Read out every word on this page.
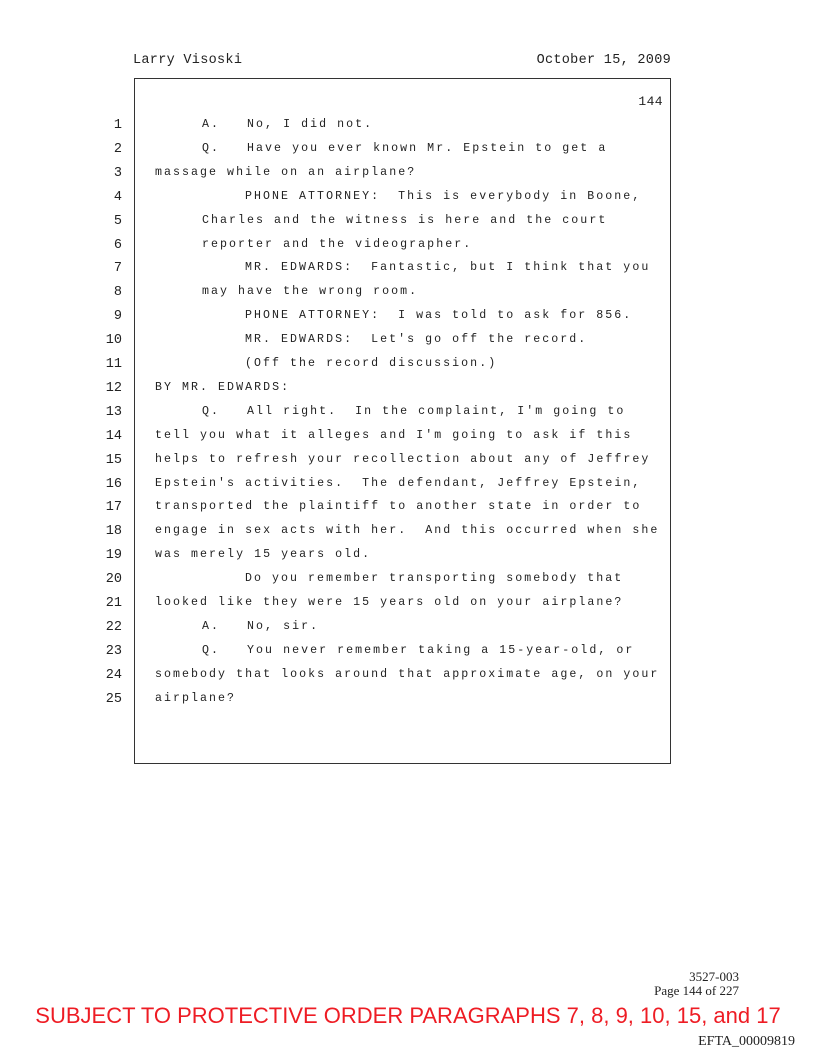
Larry Visoski	October 15, 2009
144
1	A.   No, I did not.
2	Q.   Have you ever known Mr. Epstein to get a
3	massage while on an airplane?
4	PHONE ATTORNEY:  This is everybody in Boone,
5	Charles and the witness is here and the court
6	reporter and the videographer.
7	MR. EDWARDS:  Fantastic, but I think that you
8	may have the wrong room.
9	PHONE ATTORNEY:  I was told to ask for 856.
10	MR. EDWARDS:  Let's go off the record.
11	(Off the record discussion.)
12	BY MR. EDWARDS:
13	Q.   All right.  In the complaint, I'm going to
14	tell you what it alleges and I'm going to ask if this
15	helps to refresh your recollection about any of Jeffrey
16	Epstein's activities.  The defendant, Jeffrey Epstein,
17	transported the plaintiff to another state in order to
18	engage in sex acts with her.  And this occurred when she
19	was merely 15 years old.
20	Do you remember transporting somebody that
21	looked like they were 15 years old on your airplane?
22	A.   No, sir.
23	Q.   You never remember taking a 15-year-old, or
24	somebody that looks around that approximate age, on your
25	airplane?
3527-003
Page 144 of 227
SUBJECT TO PROTECTIVE ORDER PARAGRAPHS 7, 8, 9, 10, 15, and 17
EFTA_00009819
